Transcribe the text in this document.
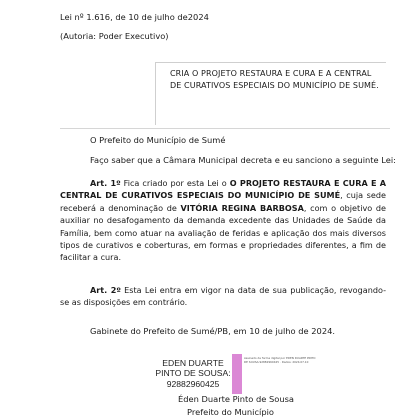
Lei nº 1.616, de 10 de julho de2024
(Autoria: Poder Executivo)
CRIA O PROJETO RESTAURA E CURA E A CENTRAL DE CURATIVOS ESPECIAIS DO MUNICÍPIO DE SUMÉ.
O Prefeito do Município de Sumé
Faço saber que a Câmara Municipal decreta e eu sanciono a seguinte Lei:
Art. 1º Fica criado por esta Lei o O PROJETO RESTAURA E CURA E A CENTRAL DE CURATIVOS ESPECIAIS DO MUNICÍPIO DE SUMÉ, cuja sede receberá a denominação de VITÓRIA REGINA BARBOSA, com o objetivo de auxiliar no desafogamento da demanda excedente das Unidades de Saúde da Família, bem como atuar na avaliação de feridas e aplicação dos mais diversos tipos de curativos e coberturas, em formas e propriedades diferentes, a fim de facilitar a cura.
Art. 2º Esta Lei entra em vigor na data de sua publicação, revogando-se as disposições em contrário.
Gabinete do Prefeito de Sumé/PB, em 10 de julho de 2024.
EDEN DUARTE
PINTO DE SOUSA:
92882960425
Assinado de forma digital por EDEN DUARTE PINTO DE SOUSA:92882960425 · Dados: 2024.07.10
Éden Duarte Pinto de Sousa
Prefeito do Município
